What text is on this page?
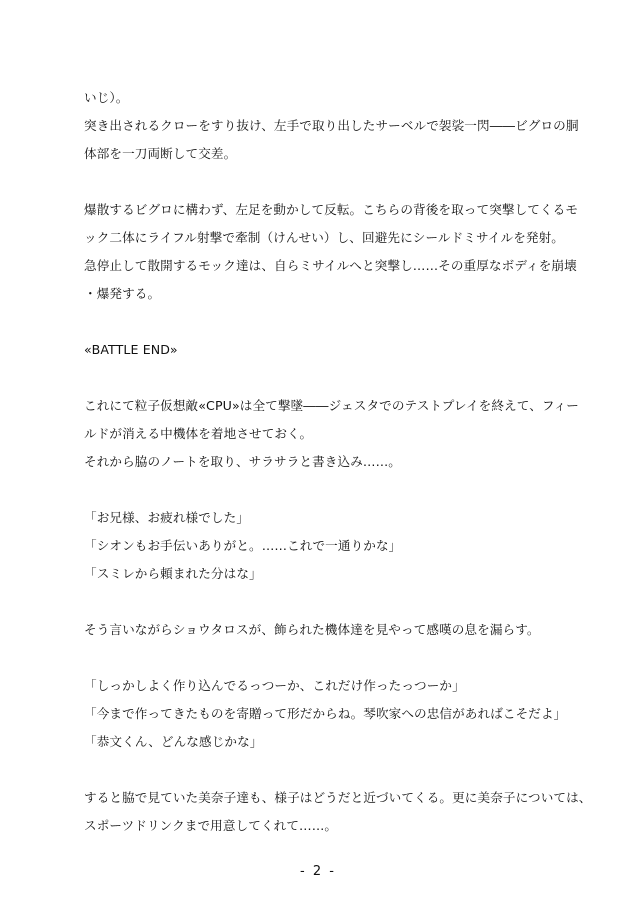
いじ）。
突き出されるクローをすり抜け、左手で取り出したサーベルで袈裟一閃――ビグロの胴
体部を一刀両断して交差。
爆散するビグロに構わず、左足を動かして反転。こちらの背後を取って突撃してくるモ
ック二体にライフル射撃で牽制（けんせい）し、回避先にシールドミサイルを発射。
急停止して散開するモック達は、自らミサイルへと突撃し……その重厚なボディを崩壊
・爆発する。
«BATTLE END»
これにて粒子仮想敵«CPU»は全て撃墜――ジェスタでのテストプレイを終えて、フィー
ルドが消える中機体を着地させておく。
それから脇のノートを取り、サラサラと書き込み……。
「お兄様、お疲れ様でした」
「シオンもお手伝いありがと。……これで一通りかな」
「スミレから頼まれた分はな」
そう言いながらショウタロスが、飾られた機体達を見やって感嘆の息を漏らす。
「しっかしよく作り込んでるっつーか、これだけ作ったっつーか」
「今まで作ってきたものを寄贈って形だからね。琴吹家への忠信があればこそだよ」
「恭文くん、どんな感じかな」
すると脇で見ていた美奈子達も、様子はどうだと近づいてくる。更に美奈子については、
スポーツドリンクまで用意してくれて……。
- 2 -
